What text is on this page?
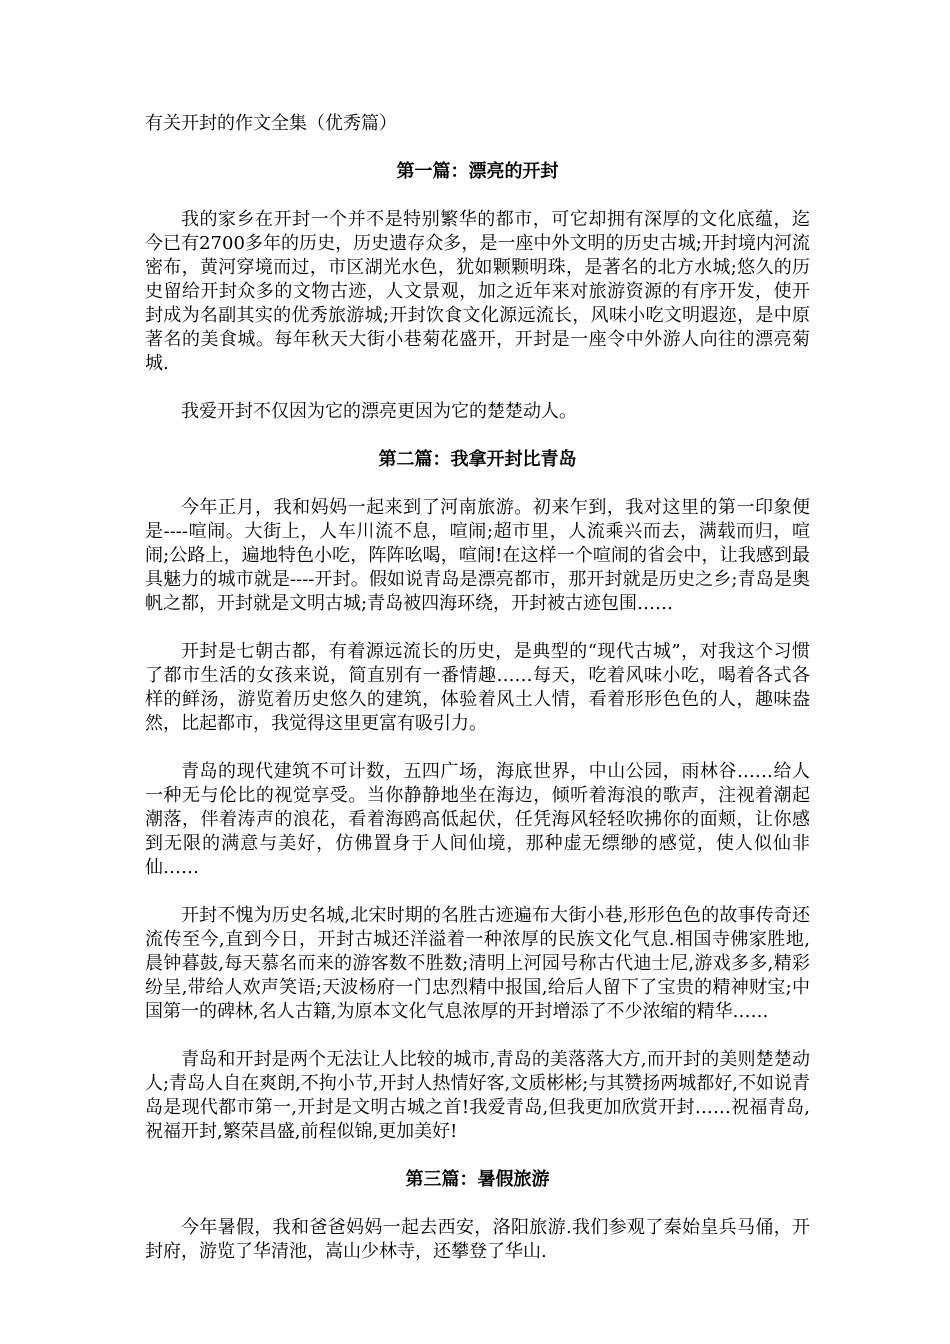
有关开封的作文全集（优秀篇）

第一篇：漂亮的开封

我的家乡在开封一个并不是特别繁华的都市，可它却拥有深厚的文化底蕴，迄今已有2700多年的历史，历史遗存众多，是一座中外文明的历史古城;开封境内河流密布，黄河穿境而过，市区湖光水色，犹如颗颗明珠，是著名的北方水城;悠久的历史留给开封众多的文物古迹，人文景观，加之近年来对旅游资源的有序开发，使开封成为名副其实的优秀旅游城;开封饮食文化源远流长，风味小吃文明遐迩，是中原著名的美食城。每年秋天大街小巷菊花盛开，开封是一座令中外游人向往的漂亮菊城.

我爱开封不仅因为它的漂亮更因为它的楚楚动人。

第二篇：我拿开封比青岛

今年正月，我和妈妈一起来到了河南旅游。初来乍到，我对这里的第一印象便是----喧闹。大街上，人车川流不息，喧闹;超市里，人流乘兴而去，满载而归，喧闹;公路上，遍地特色小吃，阵阵吆喝，喧闹!在这样一个喧闹的省会中，让我感到最具魅力的城市就是----开封。假如说青岛是漂亮都市，那开封就是历史之乡;青岛是奥帆之都，开封就是文明古城;青岛被四海环绕，开封被古迹包围……

开封是七朝古都，有着源远流长的历史，是典型的“现代古城”，对我这个习惯了都市生活的女孩来说，简直别有一番情趣……每天，吃着风味小吃，喝着各式各样的鲜汤，游览着历史悠久的建筑，体验着风土人情，看着形形色色的人，趣味盎然，比起都市，我觉得这里更富有吸引力。

青岛的现代建筑不可计数，五四广场，海底世界，中山公园，雨林谷……给人一种无与伦比的视觉享受。当你静静地坐在海边，倾听着海浪的歌声，注视着潮起潮落，伴着涛声的浪花，看着海鸥高低起伏，任凭海风轻轻吹拂你的面颊，让你感到无限的满意与美好，仿佛置身于人间仙境，那种虚无缥缈的感觉，使人似仙非仙……

开封不愧为历史名城,北宋时期的名胜古迹遍布大街小巷,形形色色的故事传奇还流传至今,直到今日，开封古城还洋溢着一种浓厚的民族文化气息.相国寺佛家胜地,晨钟暮鼓,每天慕名而来的游客数不胜数;清明上河园号称古代迪士尼,游戏多多,精彩纷呈,带给人欢声笑语;天波杨府一门忠烈精中报国,给后人留下了宝贵的精神财宝;中国第一的碑林,名人古籍,为原本文化气息浓厚的开封增添了不少浓缩的精华……

青岛和开封是两个无法让人比较的城市,青岛的美落落大方,而开封的美则楚楚动人;青岛人自在爽朗,不拘小节,开封人热情好客,文质彬彬;与其赞扬两城都好,不如说青岛是现代都市第一,开封是文明古城之首!我爱青岛,但我更加欣赏开封……祝福青岛,祝福开封,繁荣昌盛,前程似锦,更加美好!

第三篇：暑假旅游

今年暑假，我和爸爸妈妈一起去西安，洛阳旅游.我们参观了秦始皇兵马俑，开封府，游览了华清池，嵩山少林寺，还攀登了华山.
